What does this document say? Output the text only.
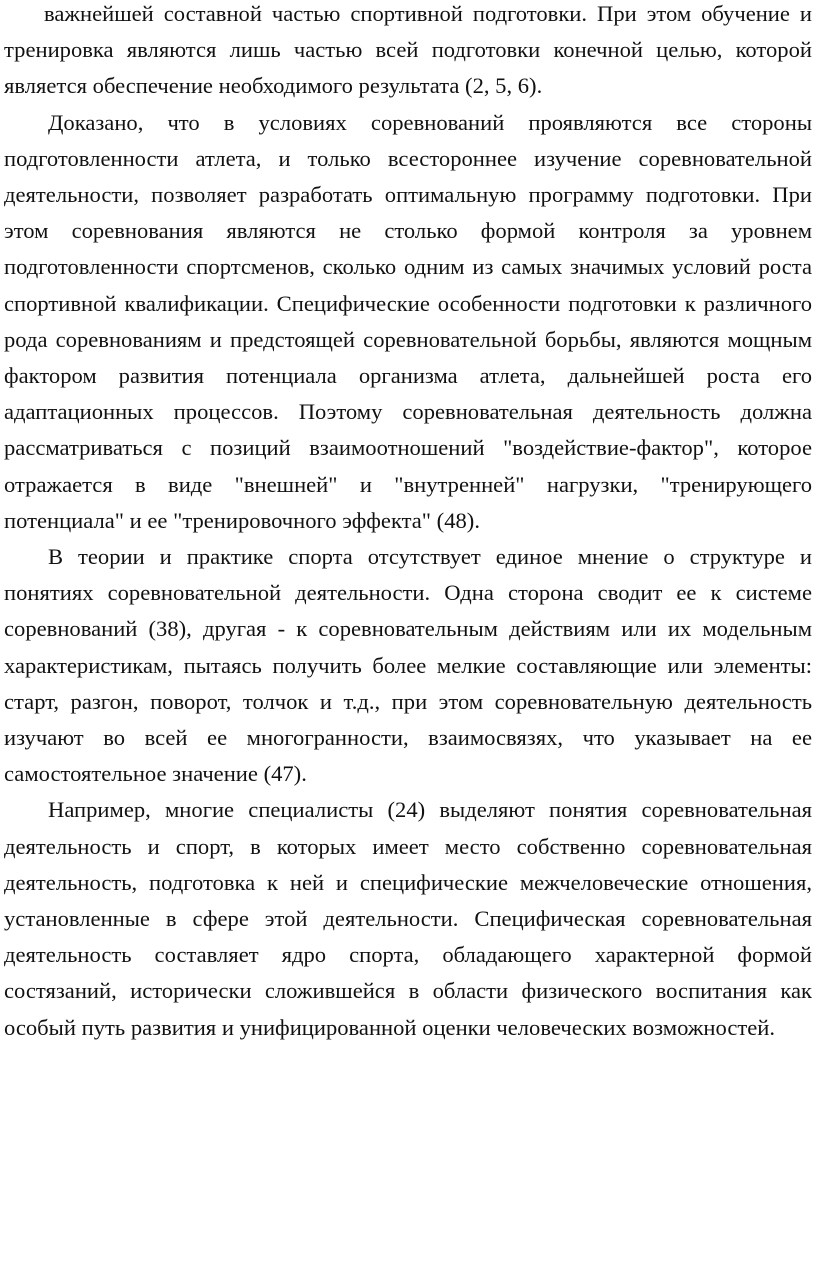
важнейшей составной частью спортивной подготовки. При этом обучение и тренировка являются лишь частью всей подготовки конечной целью, которой является обеспечение необходимого результата (2, 5, 6).

Доказано, что в условиях соревнований проявляются все стороны подготовленности атлета, и только всестороннее изучение соревновательной деятельности, позволяет разработать оптимальную программу подготовки. При этом соревнования являются не столько формой контроля за уровнем подготовленности спортсменов, сколько одним из самых значимых условий роста спортивной квалификации. Специфические особенности подготовки к различного рода соревнованиям и предстоящей соревновательной борьбы, являются мощным фактором развития потенциала организма атлета, дальнейшей роста его адаптационных процессов. Поэтому соревновательная деятельность должна рассматриваться с позиций взаимоотношений "воздействие-фактор", которое отражается в виде "внешней" и "внутренней" нагрузки, "тренирующего потенциала" и ее "тренировочного эффекта" (48).

В теории и практике спорта отсутствует единое мнение о структуре и понятиях соревновательной деятельности. Одна сторона сводит ее к системе соревнований (38), другая - к соревновательным действиям или их модельным характеристикам, пытаясь получить более мелкие составляющие или элементы: старт, разгон, поворот, толчок и т.д., при этом соревновательную деятельность изучают во всей ее многогранности, взаимосвязях, что указывает на ее самостоятельное значение (47).

Например, многие специалисты (24) выделяют понятия соревновательная деятельность и спорт, в которых имеет место собственно соревновательная деятельность, подготовка к ней и специфические межчеловеческие отношения, установленные в сфере этой деятельности. Специфическая соревновательная деятельность составляет ядро спорта, обладающего характерной формой состязаний, исторически сложившейся в области физического воспитания как особый путь развития и унифицированной оценки человеческих возможностей.
